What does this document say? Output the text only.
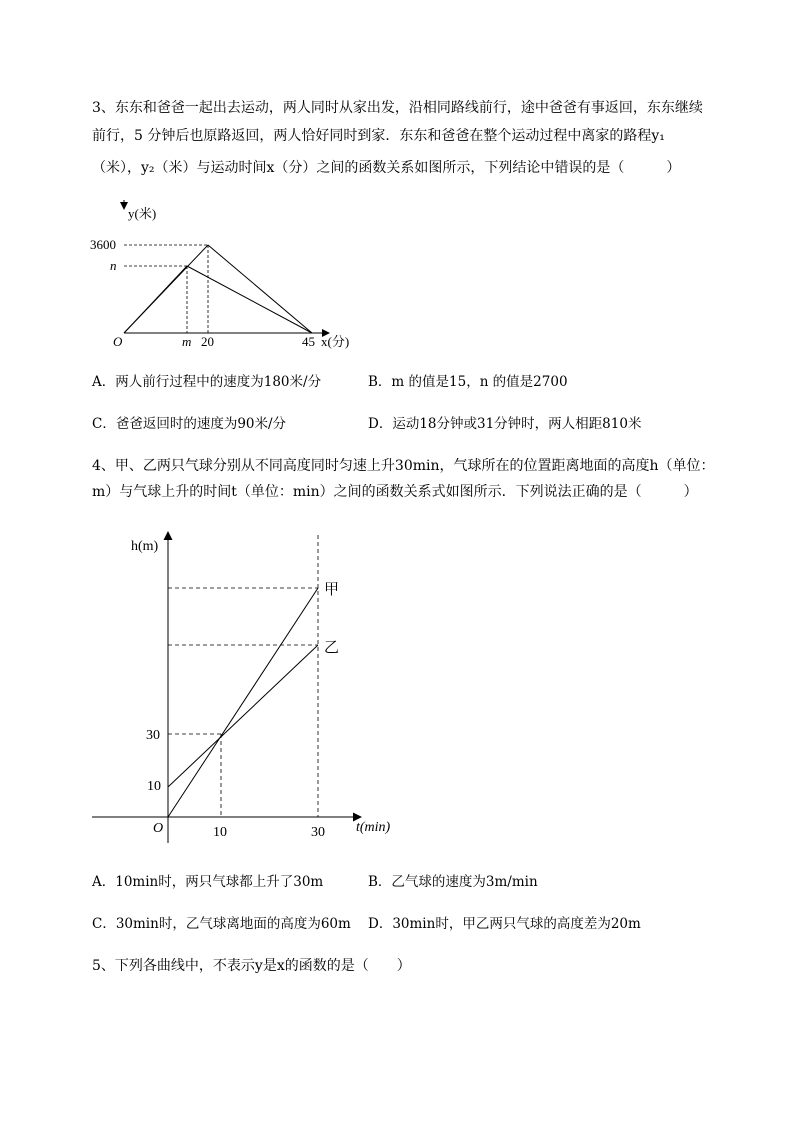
3、东东和爸爸一起出去运动，两人同时从家出发，沿相同路线前行，途中爸爸有事返回，东东继续
前行，5 分钟后也原路返回，两人恰好同时到家．东东和爸爸在整个运动过程中离家的路程y₁
（米），y₂（米）与运动时间x（分）之间的函数关系如图所示，下列结论中错误的是（　　　）
y(米)
x(分)
O
3600
n
m 20	45
A．两人前行过程中的速度为180米/分	B．m 的值是15，n 的值是2700
C．爸爸返回时的速度为90米/分	D．运动18分钟或31分钟时，两人相距810米
4、甲、乙两只气球分别从不同高度同时匀速上升30min，气球所在的位置距离地面的高度h（单位：
m）与气球上升的时间t（单位：min）之间的函数关系式如图所示．下列说法正确的是（　　　）
h(m)
t(min)
O
30
10
10	30
甲
乙
A．10min时，两只气球都上升了30m	B．乙气球的速度为3m/min
C．30min时，乙气球离地面的高度为60m D．30min时，甲乙两只气球的高度差为20m
5、下列各曲线中，不表示y是x的函数的是（　　）
